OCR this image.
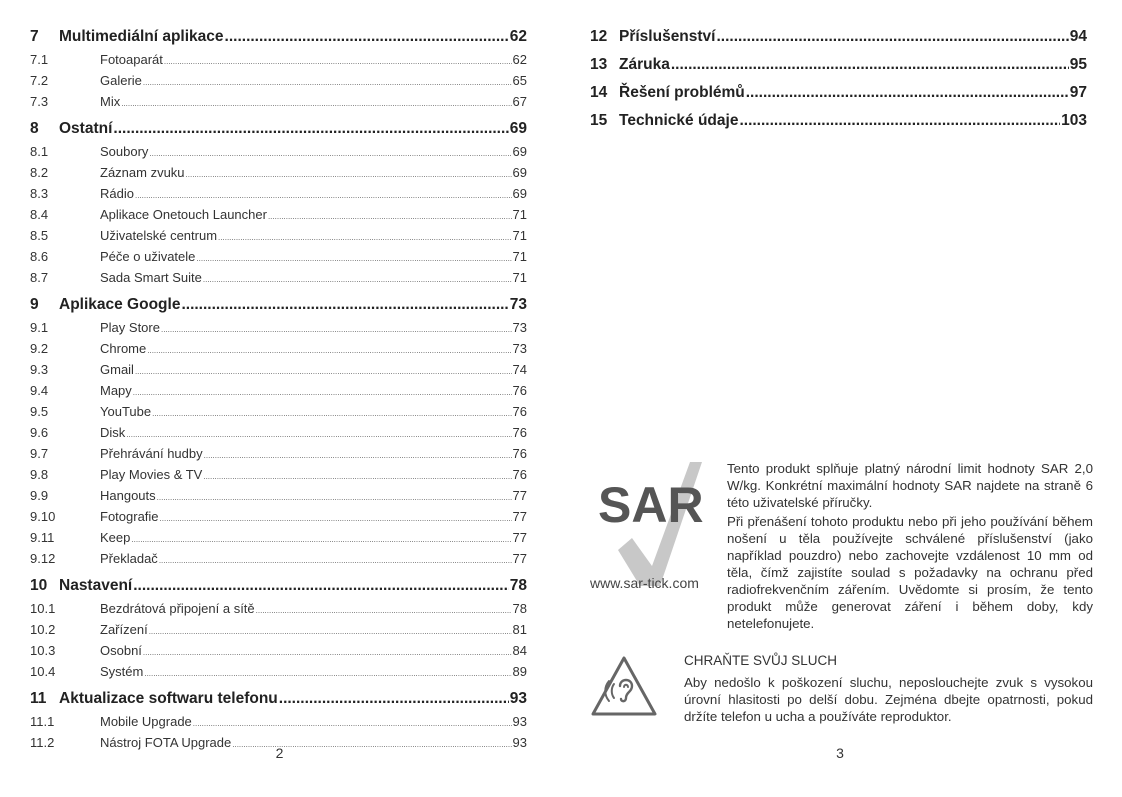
7	Multimediální aplikace .....	62
7.1	Fotoaparát .....	62
7.2	Galerie .....	65
7.3	Mix .....	67
8	Ostatní .....	69
8.1	Soubory .....	69
8.2	Záznam zvuku .....	69
8.3	Rádio .....	69
8.4	Aplikace Onetouch Launcher .....	71
8.5	Uživatelské centrum .....	71
8.6	Péče o uživatele .....	71
8.7	Sada Smart Suite .....	71
9	Aplikace Google .....	73
9.1	Play Store .....	73
9.2	Chrome .....	73
9.3	Gmail .....	74
9.4	Mapy .....	76
9.5	YouTube .....	76
9.6	Disk .....	76
9.7	Přehrávání hudby .....	76
9.8	Play Movies & TV .....	76
9.9	Hangouts .....	77
9.10	Fotografie .....	77
9.11	Keep .....	77
9.12	Překladač .....	77
10 Nastavení .....	78
10.1	Bezdrátová připojení a sítě .....	78
10.2	Zařízení .....	81
10.3	Osobní .....	84
10.4	Systém .....	89
11 Aktualizace softwaru telefonu .....	93
11.1	Mobile Upgrade .....	93
11.2	Nástroj FOTA Upgrade .....	93
2
12 Příslušenství .....	94
13 Záruka .....	95
14 Řešení problémů .....	97
15 Technické údaje .....	103
SAR
www.sar-tick.com

Tento produkt splňuje platný národní limit hodnoty SAR 2,0 W/kg. Konkrétní maximální hodnoty SAR najdete na straně 6 této uživatelské příručky.

Při přenášení tohoto produktu nebo při jeho používání během nošení u těla používejte schválené příslušenství (jako například pouzdro) nebo zachovejte vzdálenost 10 mm od těla, čímž zajistíte soulad s požadavky na ochranu před radiofrekvenčním zářením. Uvědomte si prosím, že tento produkt může generovat záření i během doby, kdy netelefonujete.

CHRAŇTE SVŮJ SLUCH
Aby nedošlo k poškození sluchu, neposlouchejte zvuk s vysokou úrovní hlasitosti po delší dobu. Zejména dbejte opatrnosti, pokud držíte telefon u ucha a používáte reproduktor.
3
